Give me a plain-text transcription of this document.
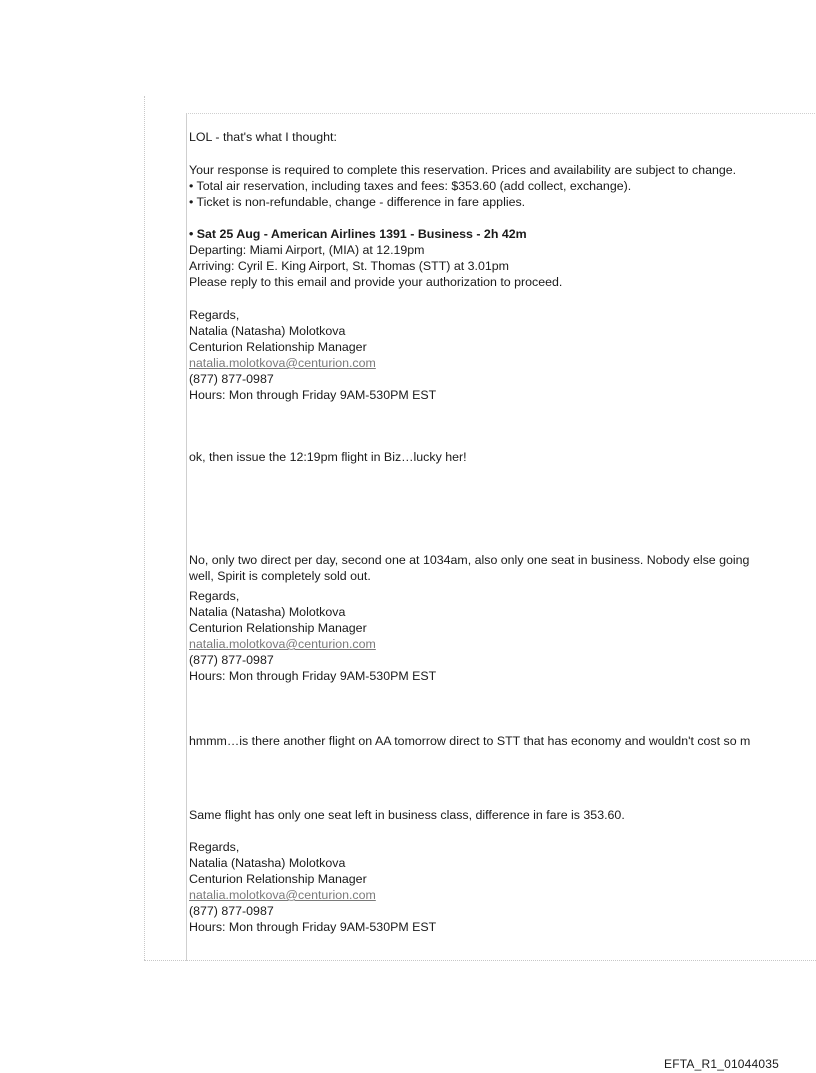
LOL - that's what I thought:

Your response is required to complete this reservation. Prices and availability are subject to change.

• Total air reservation, including taxes and fees: $353.60 (add collect, exchange).

• Ticket is non-refundable, change - difference in fare applies.

• Sat 25 Aug - American Airlines 1391 - Business - 2h 42m

Departing: Miami Airport, (MIA) at 12.19pm

Arriving: Cyril E. King Airport, St. Thomas (STT) at 3.01pm

Please reply to this email and provide your authorization to proceed.

Regards,

Natalia (Natasha) Molotkova

Centurion Relationship Manager

natalia.molotkova@centurion.com

(877) 877-0987

Hours: Mon through Friday 9AM-530PM EST

ok, then issue the 12:19pm flight in Biz…lucky her!

No, only two direct per day, second one at 1034am, also only one seat in business. Nobody else going

well, Spirit is completely sold out.

Regards,

Natalia (Natasha) Molotkova

Centurion Relationship Manager

natalia.molotkova@centurion.com

(877) 877-0987

Hours: Mon through Friday 9AM-530PM EST

hmmm…is there another flight on AA tomorrow direct to STT that has economy and wouldn't cost so m

Same flight has only one seat left in business class, difference in fare is 353.60.

Regards,

Natalia (Natasha) Molotkova

Centurion Relationship Manager

natalia.molotkova@centurion.com

(877) 877-0987

Hours: Mon through Friday 9AM-530PM EST

EFTA_R1_01044035
